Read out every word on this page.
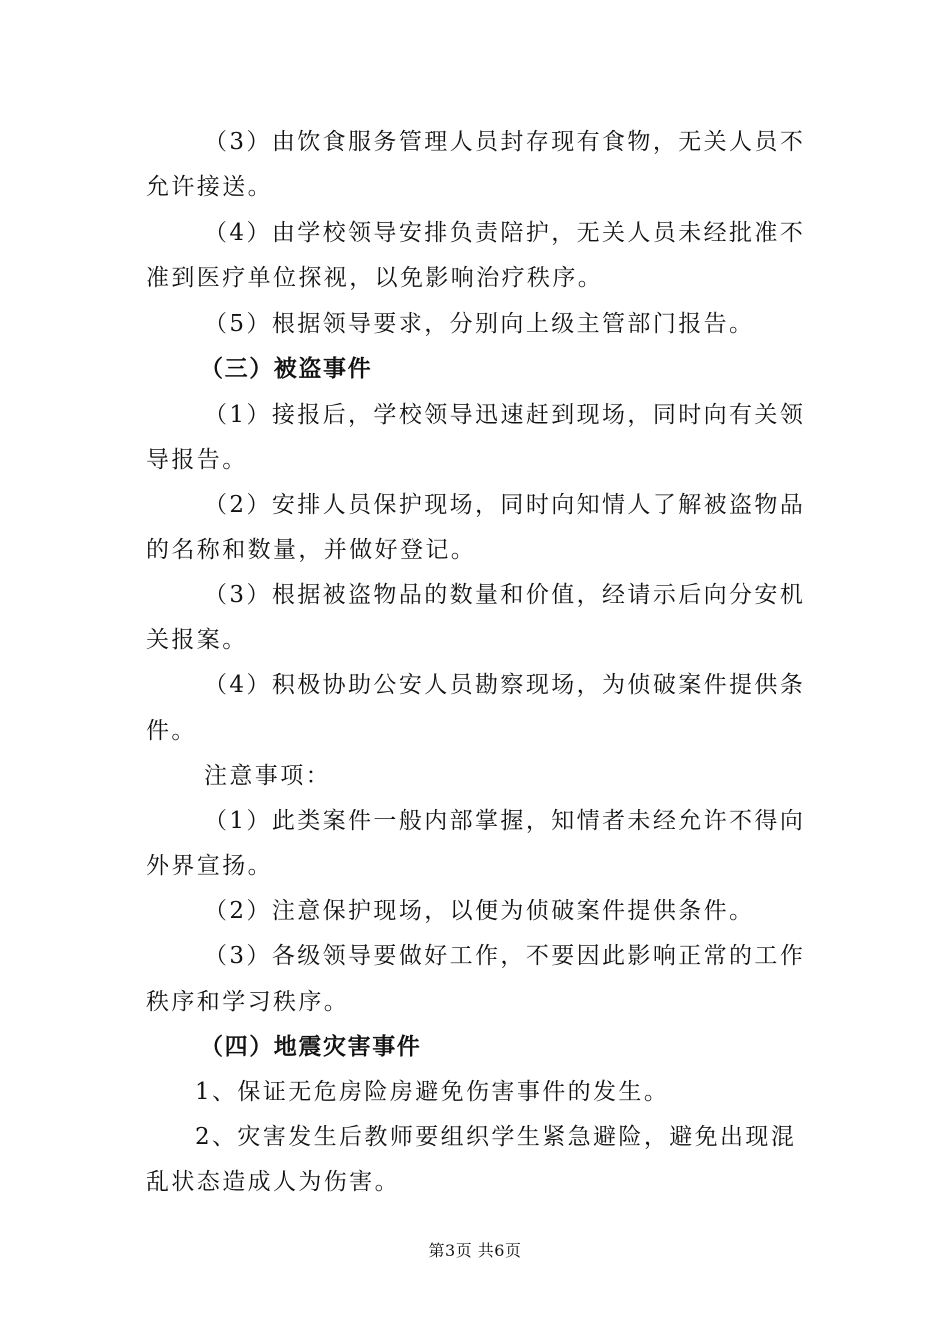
（3）由饮食服务管理人员封存现有食物，无关人员不
允许接送。
（4）由学校领导安排负责陪护，无关人员未经批准不
准到医疗单位探视，以免影响治疗秩序。
（5）根据领导要求，分别向上级主管部门报告。
（三）被盗事件
（1）接报后，学校领导迅速赶到现场，同时向有关领
导报告。
（2）安排人员保护现场，同时向知情人了解被盗物品
的名称和数量，并做好登记。
（3）根据被盗物品的数量和价值，经请示后向分安机
关报案。
（4）积极协助公安人员勘察现场，为侦破案件提供条
件。
注意事项：
（1）此类案件一般内部掌握，知情者未经允许不得向
外界宣扬。
（2）注意保护现场，以便为侦破案件提供条件。
（3）各级领导要做好工作，不要因此影响正常的工作
秩序和学习秩序。
（四）地震灾害事件
1、保证无危房险房避免伤害事件的发生。
2、灾害发生后教师要组织学生紧急避险，避免出现混
乱状态造成人为伤害。
第3页 共6页
